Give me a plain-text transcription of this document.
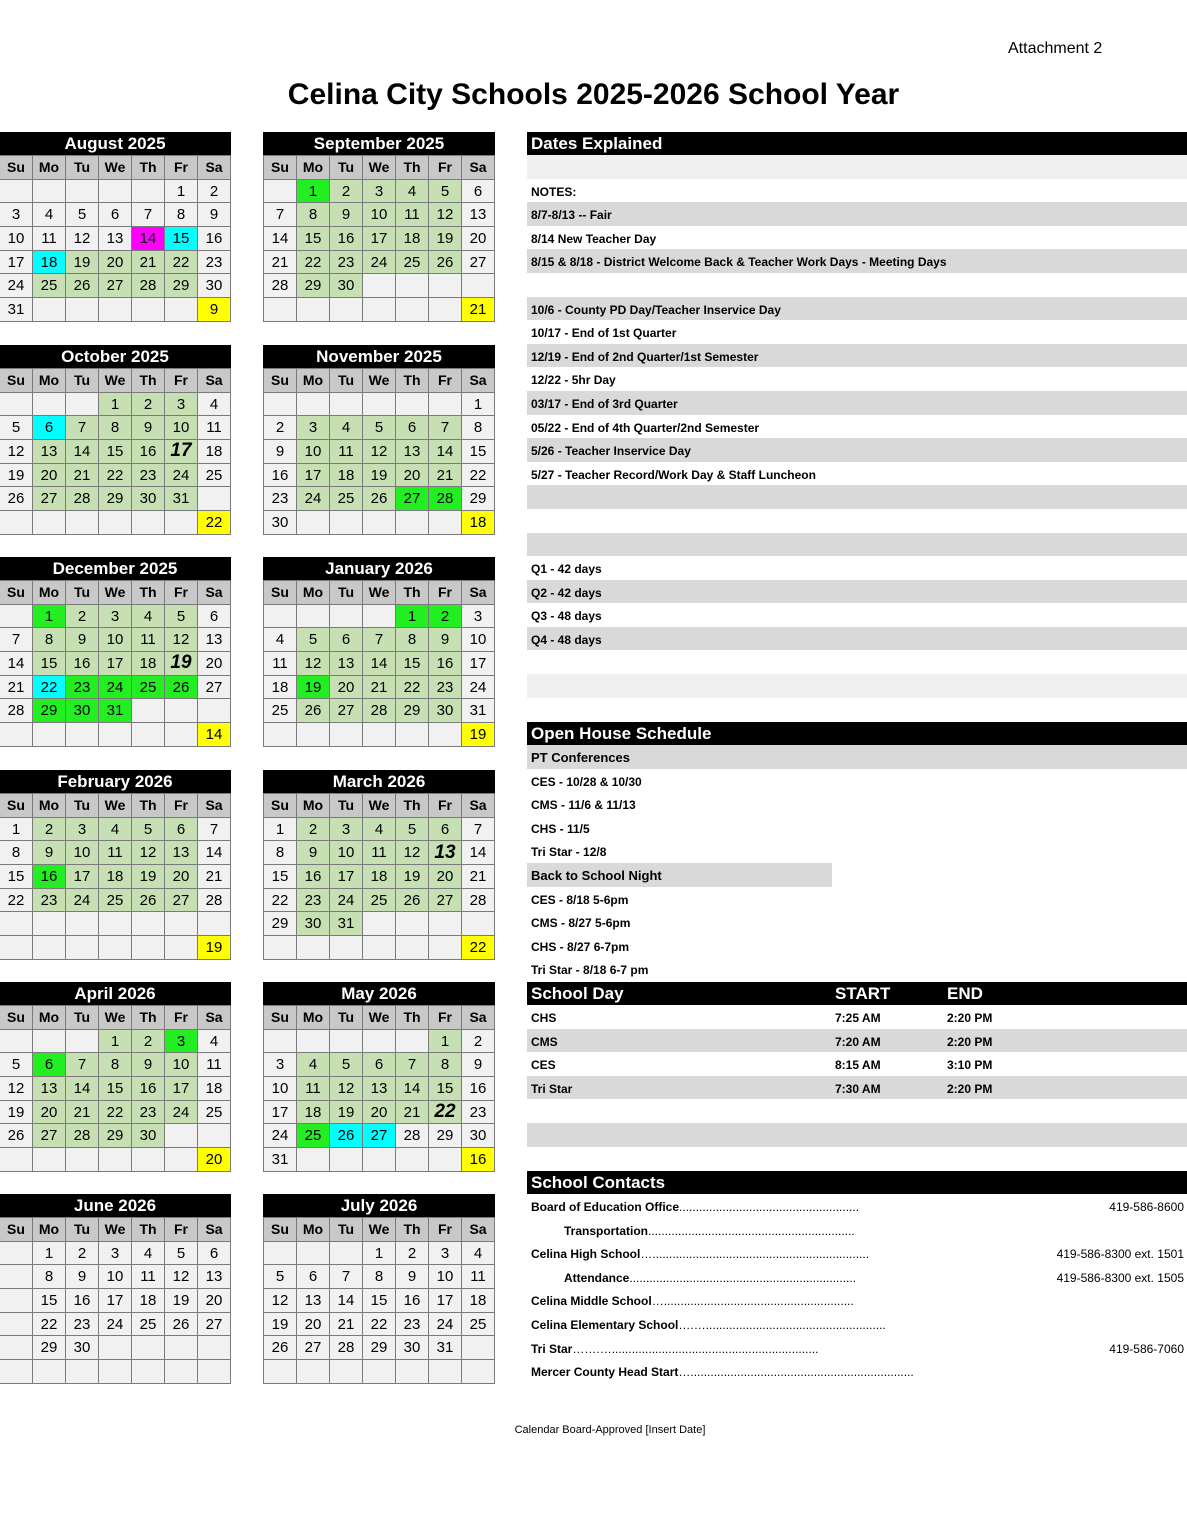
Attachment 2
Celina City Schools 2025-2026 School Year
August 2025
Su	Mo	Tu	We	Th	Fr	Sa
					1	2
3	4	5	6	7	8	9
10	11	12	13	14	15	16
17	18	19	20	21	22	23
24	25	26	27	28	29	30
31						9
September 2025
Su	Mo	Tu	We	Th	Fr	Sa
	1	2	3	4	5	6
7	8	9	10	11	12	13
14	15	16	17	18	19	20
21	22	23	24	25	26	27
28	29	30				
						21
October 2025
Su	Mo	Tu	We	Th	Fr	Sa
			1	2	3	4
5	6	7	8	9	10	11
12	13	14	15	16	17	18
19	20	21	22	23	24	25
26	27	28	29	30	31	
						22
November 2025
Su	Mo	Tu	We	Th	Fr	Sa
						1
2	3	4	5	6	7	8
9	10	11	12	13	14	15
16	17	18	19	20	21	22
23	24	25	26	27	28	29
30						18
December 2025
Su	Mo	Tu	We	Th	Fr	Sa
	1	2	3	4	5	6
7	8	9	10	11	12	13
14	15	16	17	18	19	20
21	22	23	24	25	26	27
28	29	30	31			
						14
January 2026
Su	Mo	Tu	We	Th	Fr	Sa
				1	2	3
4	5	6	7	8	9	10
11	12	13	14	15	16	17
18	19	20	21	22	23	24
25	26	27	28	29	30	31
						19
February 2026
Su	Mo	Tu	We	Th	Fr	Sa
1	2	3	4	5	6	7
8	9	10	11	12	13	14
15	16	17	18	19	20	21
22	23	24	25	26	27	28

						19
March 2026
Su	Mo	Tu	We	Th	Fr	Sa
1	2	3	4	5	6	7
8	9	10	11	12	13	14
15	16	17	18	19	20	21
22	23	24	25	26	27	28
29	30	31				
						22
April 2026
Su	Mo	Tu	We	Th	Fr	Sa
			1	2	3	4
5	6	7	8	9	10	11
12	13	14	15	16	17	18
19	20	21	22	23	24	25
26	27	28	29	30		
						20
May 2026
Su	Mo	Tu	We	Th	Fr	Sa
					1	2
3	4	5	6	7	8	9
10	11	12	13	14	15	16
17	18	19	20	21	22	23
24	25	26	27	28	29	30
31						16
June 2026
Su	Mo	Tu	We	Th	Fr	Sa
	1	2	3	4	5	6
	8	9	10	11	12	13
	15	16	17	18	19	20
	22	23	24	25	26	27
	29	30				

July 2026
Su	Mo	Tu	We	Th	Fr	Sa
			1	2	3	4
5	6	7	8	9	10	11
12	13	14	15	16	17	18
19	20	21	22	23	24	25
26	27	28	29	30	31	

Dates Explained
NOTES:
8/7-8/13 -- Fair
8/14 New Teacher Day
8/15 & 8/18 - District Welcome Back & Teacher Work Days - Meeting Days
10/6 - County PD Day/Teacher Inservice Day
10/17 - End of 1st Quarter
12/19 - End of 2nd Quarter/1st Semester
12/22 - 5hr Day
03/17 - End of 3rd Quarter
05/22 - End of 4th Quarter/2nd Semester
5/26 - Teacher Inservice Day
5/27 - Teacher Record/Work Day & Staff Luncheon
Q1 - 42 days
Q2 - 42 days
Q3 - 48 days
Q4 - 48 days
Open House Schedule
PT Conferences
CES - 10/28 & 10/30
CMS - 11/6 & 11/13
CHS - 11/5
Tri Star - 12/8
Back to School Night
CES - 8/18 5-6pm
CMS - 8/27 5-6pm
CHS - 8/27 6-7pm
Tri Star - 8/18 6-7 pm
School Day	START	END
CHS	7:25 AM	2:20 PM
CMS	7:20 AM	2:20 PM
CES	8:15 AM	3:10 PM
Tri Star	7:30 AM	2:20 PM
School Contacts
Board of Education Office......................................................	419-586-8600
Transportation..............................................................
Celina High School….................................................................	419-586-8300 ext. 1501
Attendance....................................................................	419-586-8300 ext. 1505
Celina Middle School….........................................................
Celina Elementary School….…......................................................
Tri Star…….…..............................................................	419-586-7060
Mercer County Head Start…...................................................................
Calendar Board-Approved [Insert Date]
